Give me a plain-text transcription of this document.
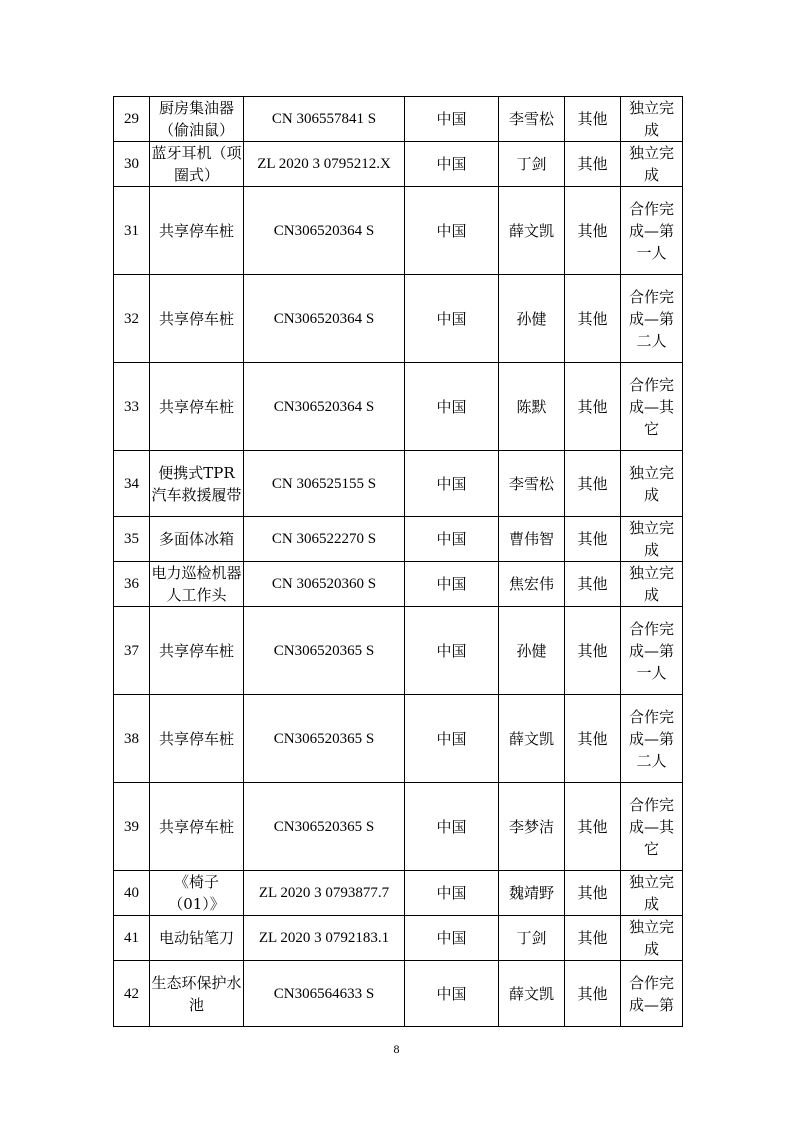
29	厨房集油器（偷油鼠）	CN 306557841 S	中国	李雪松	其他	独立完成
30	蓝牙耳机（项圈式）	ZL 2020 3 0795212.X	中国	丁剑	其他	独立完成
31	共享停车桩	CN306520364 S	中国	薛文凯	其他	合作完成—第一人
32	共享停车桩	CN306520364 S	中国	孙健	其他	合作完成—第二人
33	共享停车桩	CN306520364 S	中国	陈默	其他	合作完成—其它
34	便携式TPR汽车救援履带	CN 306525155 S	中国	李雪松	其他	独立完成
35	多面体冰箱	CN 306522270 S	中国	曹伟智	其他	独立完成
36	电力巡检机器人工作头	CN 306520360 S	中国	焦宏伟	其他	独立完成
37	共享停车桩	CN306520365 S	中国	孙健	其他	合作完成—第一人
38	共享停车桩	CN306520365 S	中国	薛文凯	其他	合作完成—第二人
39	共享停车桩	CN306520365 S	中国	李梦洁	其他	合作完成—其它
40	《椅子（01）》	ZL 2020 3 0793877.7	中国	魏靖野	其他	独立完成
41	电动钻笔刀	ZL 2020 3 0792183.1	中国	丁剑	其他	独立完成
42	生态环保护水池	CN306564633 S	中国	薛文凯	其他	合作完成—第
8
